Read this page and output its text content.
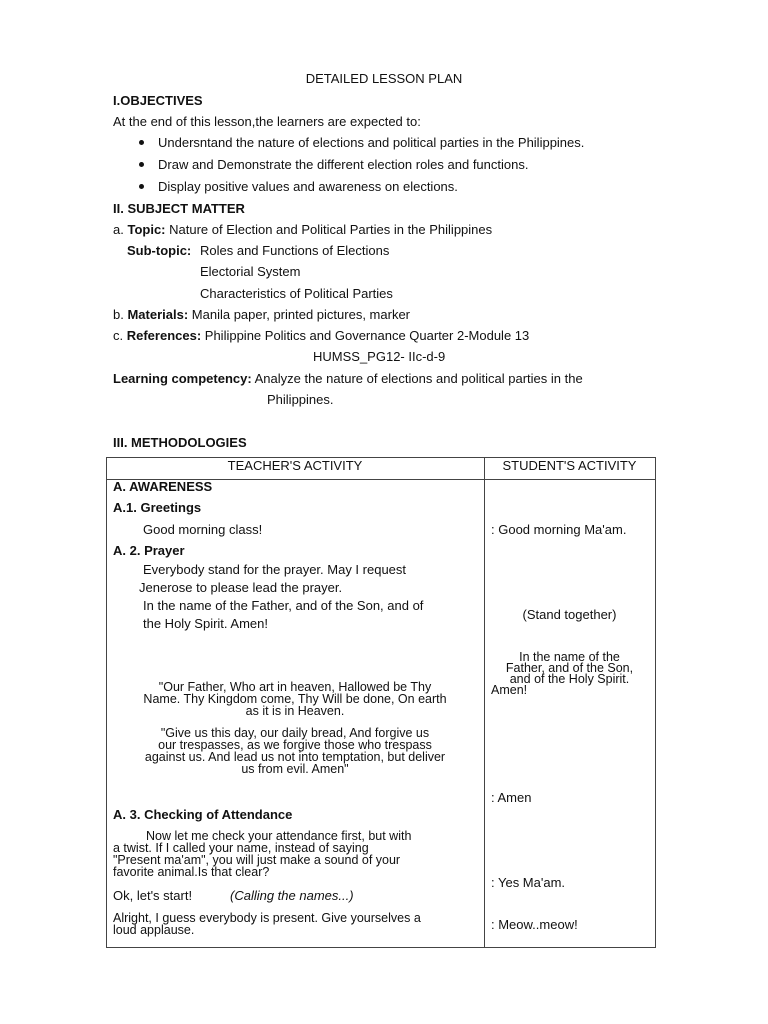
DETAILED LESSON PLAN
I.OBJECTIVES
At the end of this lesson,the learners are expected to:
Undersntand the nature of elections and political parties in the Philippines.
Draw and Demonstrate the different election roles and functions.
Display positive values and awareness on elections.
II. SUBJECT MATTER
a. Topic: Nature of Election and Political Parties in the Philippines
Sub-topic: Roles and Functions of Elections
Electorial System
Characteristics of Political Parties
b. Materials: Manila paper, printed pictures, marker
c. References: Philippine Politics and Governance Quarter 2-Module 13
HUMSS_PG12- IIc-d-9
Learning competency: Analyze the nature of elections and political parties in the
Philippines.
III. METHODOLOGIES
TEACHER'S ACTIVITY	STUDENT'S ACTIVITY
A. AWARENESS
A.1. Greetings
Good morning class!
A. 2. Prayer
Everybody stand for the prayer. May I request
Jenerose to please lead the prayer.
In the name of the Father, and of the Son, and of
the Holy Spirit. Amen!
"Our Father, Who art in heaven, Hallowed be Thy
Name. Thy Kingdom come, Thy Will be done, On earth
as it is in Heaven.
"Give us this day, our daily bread, And forgive us
our trespasses, as we forgive those who trespass
against us. And lead us not into temptation, but deliver
us from evil. Amen"
A. 3. Checking of Attendance
Now let me check your attendance first, but with
a twist. If I called your name, instead of saying
"Present ma'am", you will just make a sound of your
favorite animal.Is that clear?
Ok, let's start!	(Calling the names...)
Alright, I guess everybody is present. Give yourselves a
loud applause.
: Good morning Ma'am.
(Stand together)
In the name of the
Father, and of the Son,
and of the Holy Spirit.
Amen!
: Amen
: Yes Ma'am.
: Meow..meow!
